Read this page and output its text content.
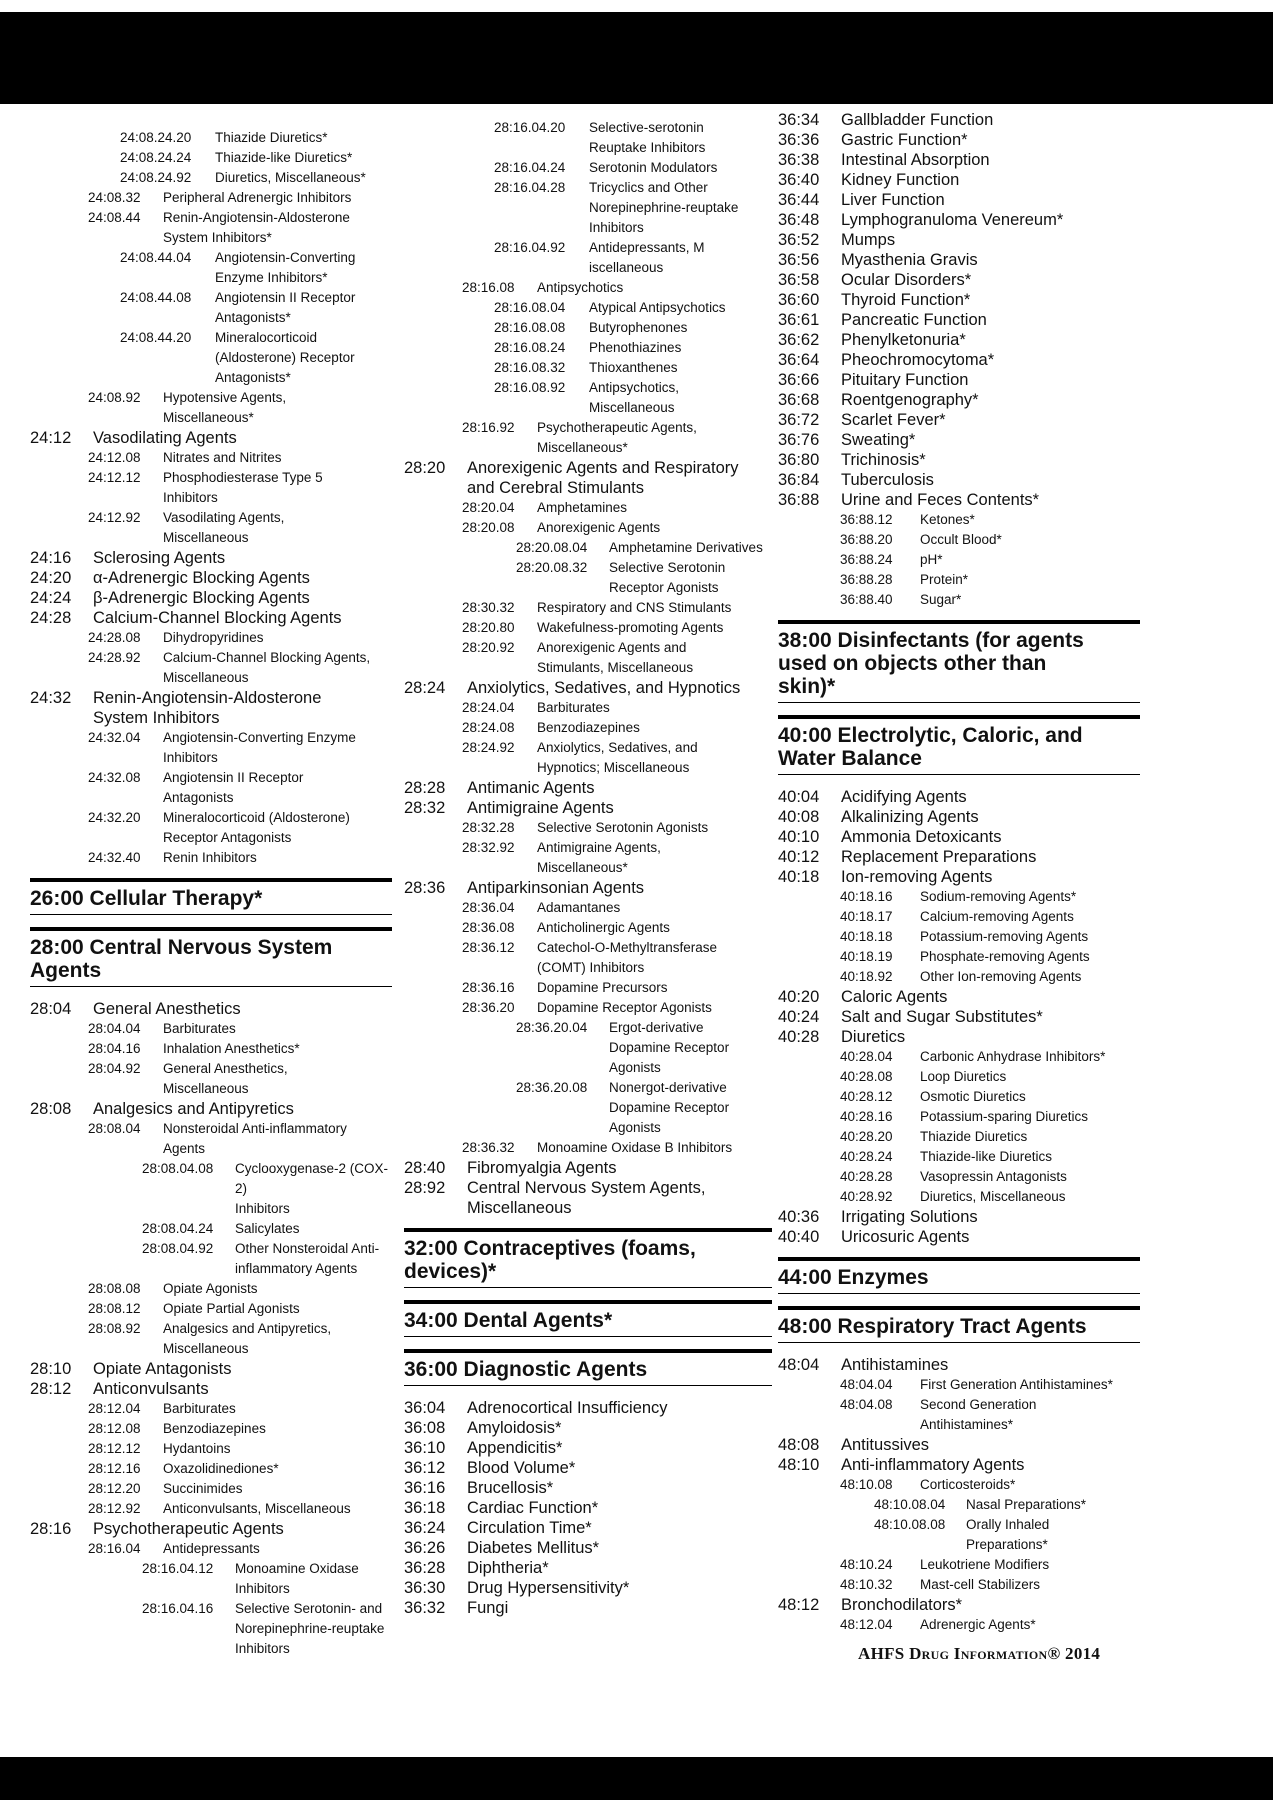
24:08.24.20 Thiazide Diuretics*
24:08.24.24 Thiazide-like Diuretics*
24:08.24.92 Diuretics, Miscellaneous*
24:08.32 Peripheral Adrenergic Inhibitors
24:08.44 Renin-Angiotensin-Aldosterone
System Inhibitors*
24:08.44.04 Angiotensin-Converting
Enzyme Inhibitors*
24:08.44.08 Angiotensin II Receptor
Antagonists*
24:08.44.20 Mineralocorticoid
(Aldosterone) Receptor
Antagonists*
24:08.92 Hypotensive Agents,
Miscellaneous*
24:12 Vasodilating Agents
24:12.08 Nitrates and Nitrites
24:12.12 Phosphodiesterase Type 5
Inhibitors
24:12.92 Vasodilating Agents,
Miscellaneous
24:16 Sclerosing Agents
24:20 α-Adrenergic Blocking Agents
24:24 β-Adrenergic Blocking Agents
24:28 Calcium-Channel Blocking Agents
24:28.08 Dihydropyridines
24:28.92 Calcium-Channel Blocking Agents,
Miscellaneous
24:32 Renin-Angiotensin-Aldosterone
System Inhibitors
24:32.04 Angiotensin-Converting Enzyme
Inhibitors
24:32.08 Angiotensin II Receptor
Antagonists
24:32.20 Mineralocorticoid (Aldosterone)
Receptor Antagonists
24:32.40 Renin Inhibitors
26:00 Cellular Therapy*
28:00 Central Nervous System
Agents
28:04 General Anesthetics
28:04.04 Barbiturates
28:04.16 Inhalation Anesthetics*
28:04.92 General Anesthetics,
Miscellaneous
28:08 Analgesics and Antipyretics
28:08.04 Nonsteroidal Anti-inflammatory
Agents
28:08.04.08 Cyclooxygenase-2 (COX-2)
Inhibitors
28:08.04.24 Salicylates
28:08.04.92 Other Nonsteroidal Anti-
inflammatory Agents
28:08.08 Opiate Agonists
28:08.12 Opiate Partial Agonists
28:08.92 Analgesics and Antipyretics,
Miscellaneous
28:10 Opiate Antagonists
28:12 Anticonvulsants
28:12.04 Barbiturates
28:12.08 Benzodiazepines
28:12.12 Hydantoins
28:12.16 Oxazolidinediones*
28:12.20 Succinimides
28:12.92 Anticonvulsants, Miscellaneous
28:16 Psychotherapeutic Agents
28:16.04 Antidepressants
28:16.04.12 Monoamine Oxidase
Inhibitors
28:16.04.16 Selective Serotonin- and
Norepinephrine-reuptake
Inhibitors
28:16.04.20 Selective-serotonin
Reuptake Inhibitors
28:16.04.24 Serotonin Modulators
28:16.04.28 Tricyclics and Other
Norepinephrine-reuptake
Inhibitors
28:16.04.92 Antidepressants, M
iscellaneous
28:16.08 Antipsychotics
28:16.08.04 Atypical Antipsychotics
28:16.08.08 Butyrophenones
28:16.08.24 Phenothiazines
28:16.08.32 Thioxanthenes
28:16.08.92 Antipsychotics,
Miscellaneous
28:16.92 Psychotherapeutic Agents,
Miscellaneous*
28:20 Anorexigenic Agents and Respiratory
and Cerebral Stimulants
28:20.04 Amphetamines
28:20.08 Anorexigenic Agents
28:20.08.04 Amphetamine Derivatives
28:20.08.32 Selective Serotonin
Receptor Agonists
28:30.32 Respiratory and CNS Stimulants
28:20.80 Wakefulness-promoting Agents
28:20.92 Anorexigenic Agents and
Stimulants, Miscellaneous
28:24 Anxiolytics, Sedatives, and Hypnotics
28:24.04 Barbiturates
28:24.08 Benzodiazepines
28:24.92 Anxiolytics, Sedatives, and
Hypnotics; Miscellaneous
28:28 Antimanic Agents
28:32 Antimigraine Agents
28:32.28 Selective Serotonin Agonists
28:32.92 Antimigraine Agents,
Miscellaneous*
28:36 Antiparkinsonian Agents
28:36.04 Adamantanes
28:36.08 Anticholinergic Agents
28:36.12 Catechol-O-Methyltransferase
(COMT) Inhibitors
28:36.16 Dopamine Precursors
28:36.20 Dopamine Receptor Agonists
28:36.20.04 Ergot-derivative
Dopamine Receptor
Agonists
28:36.20.08 Nonergot-derivative
Dopamine Receptor
Agonists
28:36.32 Monoamine Oxidase B Inhibitors
28:40 Fibromyalgia Agents
28:92 Central Nervous System Agents,
Miscellaneous
32:00 Contraceptives (foams,
devices)*
34:00 Dental Agents*
36:00 Diagnostic Agents
36:04 Adrenocortical Insufficiency
36:08 Amyloidosis*
36:10 Appendicitis*
36:12 Blood Volume*
36:16 Brucellosis*
36:18 Cardiac Function*
36:24 Circulation Time*
36:26 Diabetes Mellitus*
36:28 Diphtheria*
36:30 Drug Hypersensitivity*
36:32 Fungi
36:34 Gallbladder Function
36:36 Gastric Function*
36:38 Intestinal Absorption
36:40 Kidney Function
36:44 Liver Function
36:48 Lymphogranuloma Venereum*
36:52 Mumps
36:56 Myasthenia Gravis
36:58 Ocular Disorders*
36:60 Thyroid Function*
36:61 Pancreatic Function
36:62 Phenylketonuria*
36:64 Pheochromocytoma*
36:66 Pituitary Function
36:68 Roentgenography*
36:72 Scarlet Fever*
36:76 Sweating*
36:80 Trichinosis*
36:84 Tuberculosis
36:88 Urine and Feces Contents*
36:88.12 Ketones*
36:88.20 Occult Blood*
36:88.24 pH*
36:88.28 Protein*
36:88.40 Sugar*
38:00 Disinfectants (for agents
used on objects other than
skin)*
40:00 Electrolytic, Caloric, and
Water Balance
40:04 Acidifying Agents
40:08 Alkalinizing Agents
40:10 Ammonia Detoxicants
40:12 Replacement Preparations
40:18 Ion-removing Agents
40:18.16 Sodium-removing Agents*
40:18.17 Calcium-removing Agents
40:18.18 Potassium-removing Agents
40:18.19 Phosphate-removing Agents
40:18.92 Other Ion-removing Agents
40:20 Caloric Agents
40:24 Salt and Sugar Substitutes*
40:28 Diuretics
40:28.04 Carbonic Anhydrase Inhibitors*
40:28.08 Loop Diuretics
40:28.12 Osmotic Diuretics
40:28.16 Potassium-sparing Diuretics
40:28.20 Thiazide Diuretics
40:28.24 Thiazide-like Diuretics
40:28.28 Vasopressin Antagonists
40:28.92 Diuretics, Miscellaneous
40:36 Irrigating Solutions
40:40 Uricosuric Agents
44:00 Enzymes
48:00 Respiratory Tract Agents
48:04 Antihistamines
48:04.04 First Generation Antihistamines*
48:04.08 Second Generation
Antihistamines*
48:08 Antitussives
48:10 Anti-inflammatory Agents
48:10.08 Corticosteroids*
48:10.08.04 Nasal Preparations*
48:10.08.08 Orally Inhaled
Preparations*
48:10.24 Leukotriene Modifiers
48:10.32 Mast-cell Stabilizers
48:12 Bronchodilators*
48:12.04 Adrenergic Agents*
AHFS Drug Information® 2014
